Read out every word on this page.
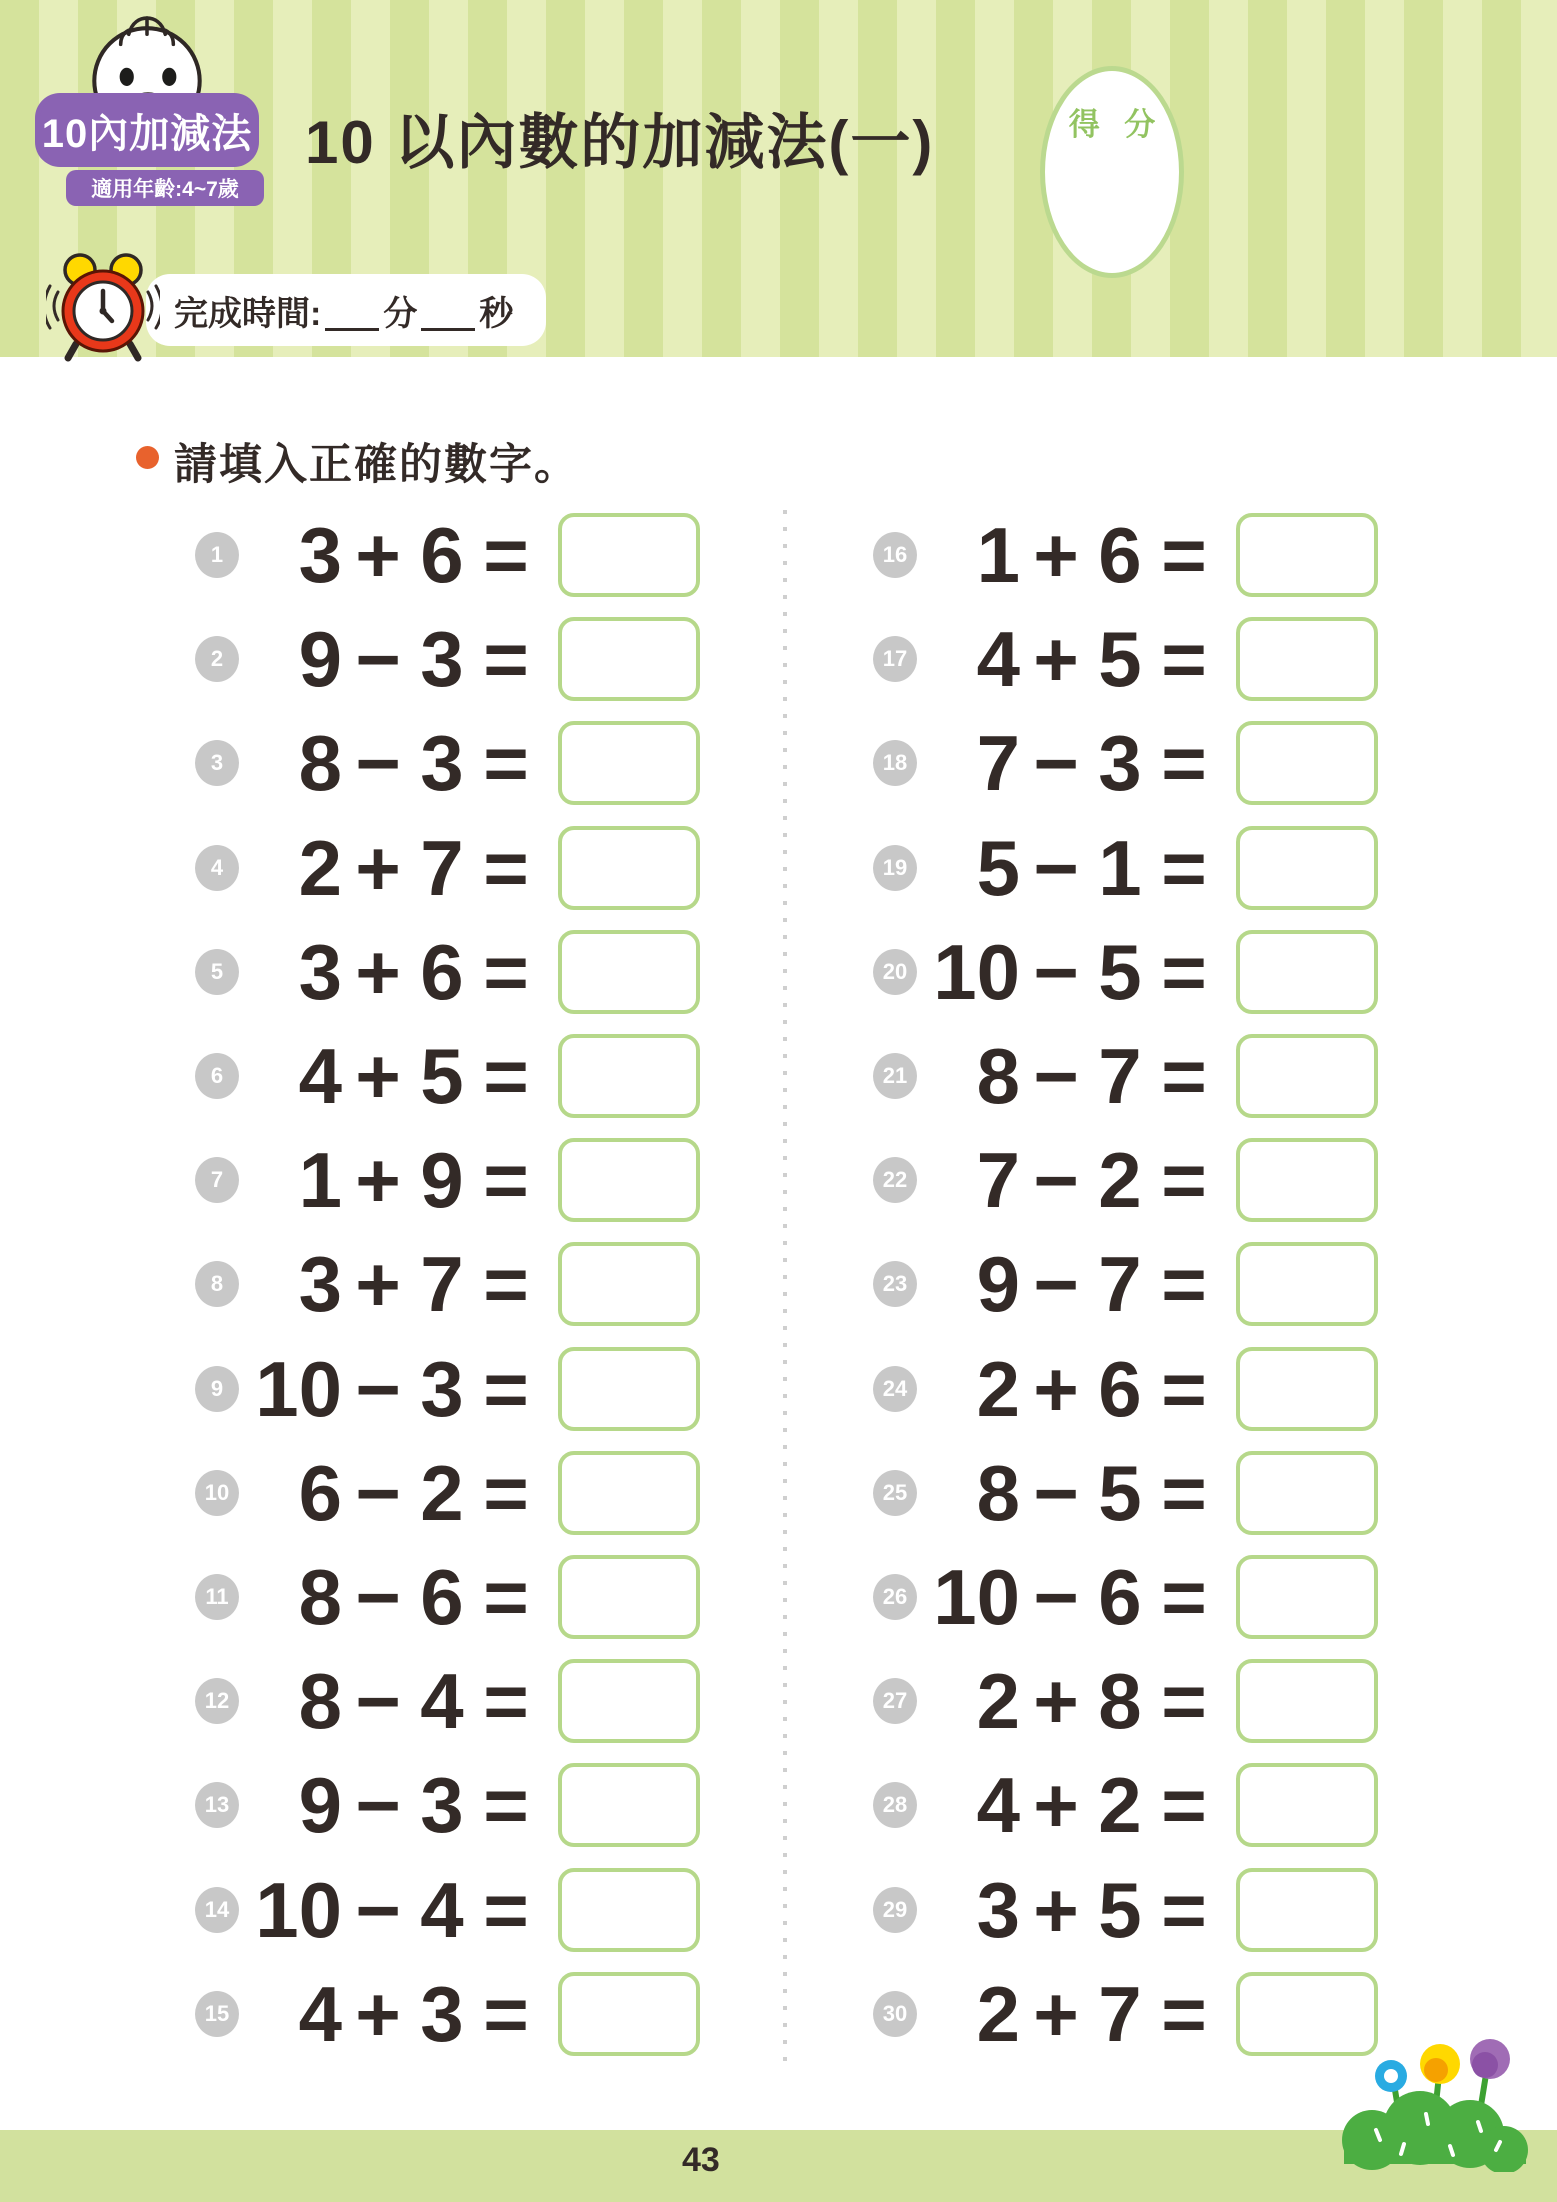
10內加減法
適用年齡:4~7歲
10 以內數的加減法(一)	得 分
完成時間: 分 秒
請填入正確的數字。
1 3 + 6 =
2 9 − 3 =
3 8 − 3 =
4 2 + 7 =
5 3 + 6 =
6 4 + 5 =
7 1 + 9 =
8 3 + 7 =
9 10 − 3 =
10 6 − 2 =
11 8 − 6 =
12 8 − 4 =
13 9 − 3 =
14 10 − 4 =
15 4 + 3 =
16 1 + 6 =
17 4 + 5 =
18 7 − 3 =
19 5 − 1 =
20 10 − 5 =
21 8 − 7 =
22 7 − 2 =
23 9 − 7 =
24 2 + 6 =
25 8 − 5 =
26 10 − 6 =
27 2 + 8 =
28 4 + 2 =
29 3 + 5 =
30 2 + 7 =
43
